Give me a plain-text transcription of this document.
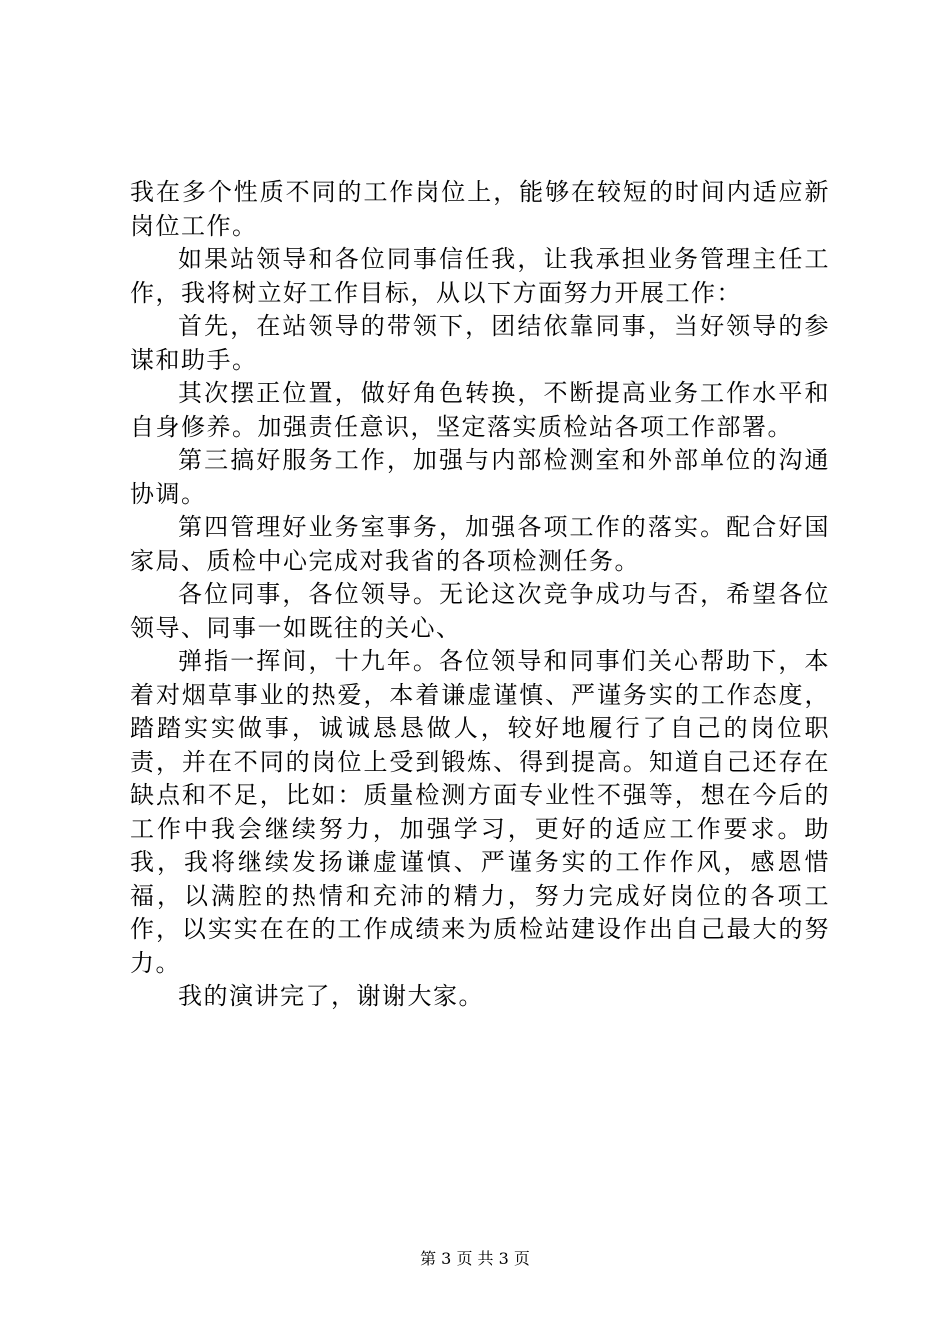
我在多个性质不同的工作岗位上，能够在较短的时间内适应新岗位工作。

如果站领导和各位同事信任我，让我承担业务管理主任工作，我将树立好工作目标，从以下方面努力开展工作：

首先，在站领导的带领下，团结依靠同事，当好领导的参谋和助手。

其次摆正位置，做好角色转换，不断提高业务工作水平和自身修养。加强责任意识，坚定落实质检站各项工作部署。

第三搞好服务工作，加强与内部检测室和外部单位的沟通协调。

第四管理好业务室事务，加强各项工作的落实。配合好国家局、质检中心完成对我省的各项检测任务。

各位同事，各位领导。无论这次竞争成功与否，希望各位领导、同事一如既往的关心、

弹指一挥间，十九年。各位领导和同事们关心帮助下，本着对烟草事业的热爱，本着谦虚谨慎、严谨务实的工作态度，踏踏实实做事，诚诚恳恳做人，较好地履行了自己的岗位职责，并在不同的岗位上受到锻炼、得到提高。知道自己还存在缺点和不足，比如：质量检测方面专业性不强等，想在今后的工作中我会继续努力，加强学习，更好的适应工作要求。助我，我将继续发扬谦虚谨慎、严谨务实的工作作风，感恩惜福，以满腔的热情和充沛的精力，努力完成好岗位的各项工作，以实实在在的工作成绩来为质检站建设作出自己最大的努力。

我的演讲完了，谢谢大家。

第 3 页 共 3 页
